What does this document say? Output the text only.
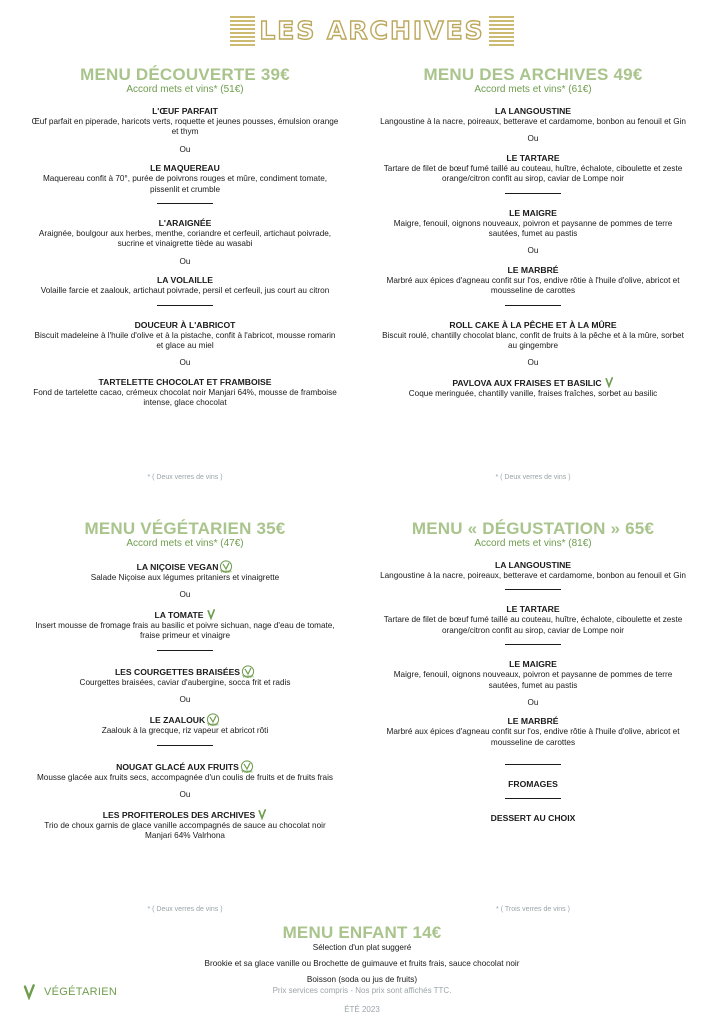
LES ARCHIVES
MENU DÉCOUVERTE 39€
Accord mets et vins* (51€)
L'ŒUF PARFAIT

Œuf parfait en piperade, haricots verts, roquette et jeunes pousses, émulsion orange et thym

Ou
LE MAQUEREAU

Maquereau confit à 70°, purée de poivrons rouges et mûre, condiment tomate, pissenlit et crumble

L'ARAIGNÉE

Araignée, boulgour aux herbes, menthe, coriandre et cerfeuil, artichaut poivrade, sucrine et vinaigrette tiède au wasabi

Ou
LA VOLAILLE

Volaille farcie et zaalouk, artichaut poivrade, persil et cerfeuil, jus court au citron

DOUCEUR À L'ABRICOT

Biscuit madeleine à l'huile d'olive et à la pistache, confit à l'abricot, mousse romarin et glace au miel

Ou
TARTELETTE CHOCOLAT ET FRAMBOISE

Fond de tartelette cacao, crémeux chocolat noir Manjari 64%, mousse de framboise intense, glace chocolat

* ( Deux verres de vins )
MENU DES ARCHIVES 49€
Accord mets et vins* (61€)
LA LANGOUSTINE

Langoustine à la nacre, poireaux, betterave et cardamome, bonbon au fenouil et Gin

Ou
LE TARTARE

Tartare de filet de bœuf fumé taillé au couteau, huître, échalote, ciboulette et zeste orange/citron confit au sirop, caviar de Lompe noir

LE MAIGRE

Maigre, fenouil, oignons nouveaux, poivron et paysanne de pommes de terre sautées, fumet au pastis

Ou
LE MARBRÉ

Marbré aux épices d'agneau confit sur l'os, endive rôtie à l'huile d'olive, abricot et mousseline de carottes

ROLL CAKE À LA PÊCHE ET À LA MÛRE

Biscuit roulé, chantilly chocolat blanc, confit de fruits à la pêche et à la mûre, sorbet au gingembre

Ou
PAVLOVA AUX FRAISES ET BASILIC

Coque meringuée, chantilly vanille, fraises fraîches, sorbet au basilic

* ( Deux verres de vins )
MENU VÉGÉTARIEN 35€
Accord mets et vins* (47€)
LA NIÇOISE VEGAN Vegan

Salade Niçoise aux légumes pritaniers et vinaigrette

Ou
LA TOMATE

Insert mousse de fromage frais au basilic et poivre sichuan, nage d'eau de tomate, fraise primeur et vinaigre

LES COURGETTES BRAISÉES Vegan

Courgettes braisées, caviar d'aubergine, socca frit et radis

Ou
LE ZAALOUK Vegan

Zaalouk à la grecque, riz vapeur et abricot rôti

NOUGAT GLACÉ AUX FRUITS Vegan

Mousse glacée aux fruits secs, accompagnée d'un coulis de fruits et de fruits frais

Ou
LES PROFITEROLES DES ARCHIVES

Trio de choux garnis de glace vanille accompagnés de sauce au chocolat noir Manjari 64% Valrhona

* ( Deux verres de vins )
MENU « DÉGUSTATION » 65€
Accord mets et vins* (81€)
LA LANGOUSTINE

Langoustine à la nacre, poireaux, betterave et cardamome, bonbon au fenouil et Gin

LE TARTARE

Tartare de filet de bœuf fumé taillé au couteau, huître, échalote, ciboulette et zeste orange/citron confit au sirop, caviar de Lompe noir

LE MAIGRE

Maigre, fenouil, oignons nouveaux, poivron et paysanne de pommes de terre sautées, fumet au pastis

Ou
LE MARBRÉ

Marbré aux épices d'agneau confit sur l'os, endive rôtie à l'huile d'olive, abricot et mousseline de carottes

FROMAGES
DESSERT AU CHOIX
* ( Trois verres de vins )
MENU ENFANT 14€
Sélection d'un plat suggeré
Brookie et sa glace vanille ou Brochette de guimauve et fruits frais, sauce chocolat noir
Boisson (soda ou jus de fruits)
VÉGÉTARIEN	Prix services compris - Nos prix sont affichés TTC.
ÉTÉ 2023
